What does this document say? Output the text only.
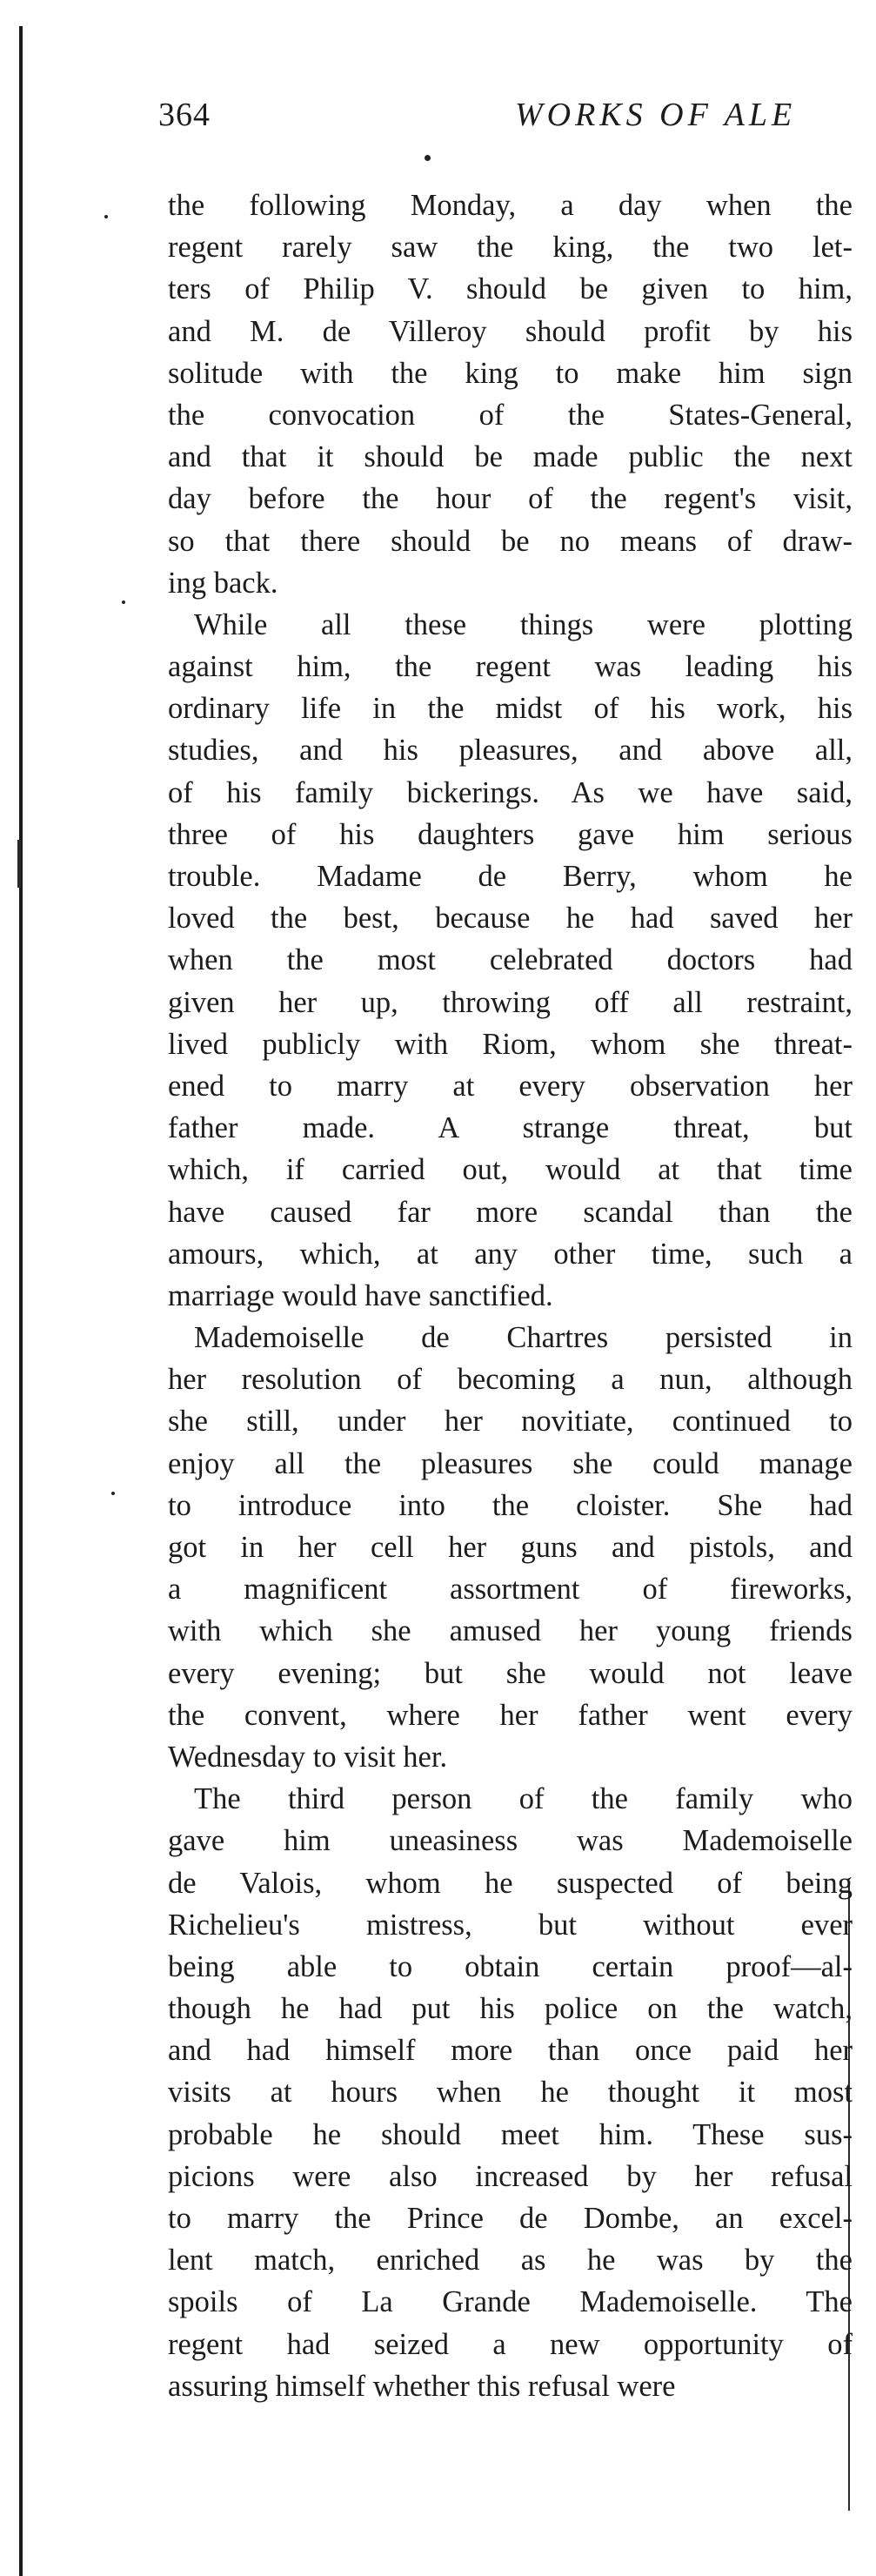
364	WORKS OF ALE
the following Monday, a day when the
regent rarely saw the king, the two let-
ters of Philip V. should be given to him,
and M. de Villeroy should profit by his
solitude with the king to make him sign
the convocation of the States-General,
and that it should be made public the next
day before the hour of the regent's visit,
so that there should be no means of draw-
ing back.
While all these things were plotting
against him, the regent was leading his
ordinary life in the midst of his work, his
studies, and his pleasures, and above all,
of his family bickerings. As we have said,
three of his daughters gave him serious
trouble. Madame de Berry, whom he
loved the best, because he had saved her
when the most celebrated doctors had
given her up, throwing off all restraint,
lived publicly with Riom, whom she threat-
ened to marry at every observation her
father made. A strange threat, but
which, if carried out, would at that time
have caused far more scandal than the
amours, which, at any other time, such a
marriage would have sanctified.
Mademoiselle de Chartres persisted in
her resolution of becoming a nun, although
she still, under her novitiate, continued to
enjoy all the pleasures she could manage
to introduce into the cloister. She had
got in her cell her guns and pistols, and
a magnificent assortment of fireworks,
with which she amused her young friends
every evening; but she would not leave
the convent, where her father went every
Wednesday to visit her.
The third person of the family who
gave him uneasiness was Mademoiselle
de Valois, whom he suspected of being
Richelieu's mistress, but without ever
being able to obtain certain proof—al-
though he had put his police on the watch,
and had himself more than once paid her
visits at hours when he thought it most
probable he should meet him. These sus-
picions were also increased by her refusal
to marry the Prince de Dombe, an excel-
lent match, enriched as he was by the
spoils of La Grande Mademoiselle. The
regent had seized a new opportunity of
assuring himself whether this refusal were
